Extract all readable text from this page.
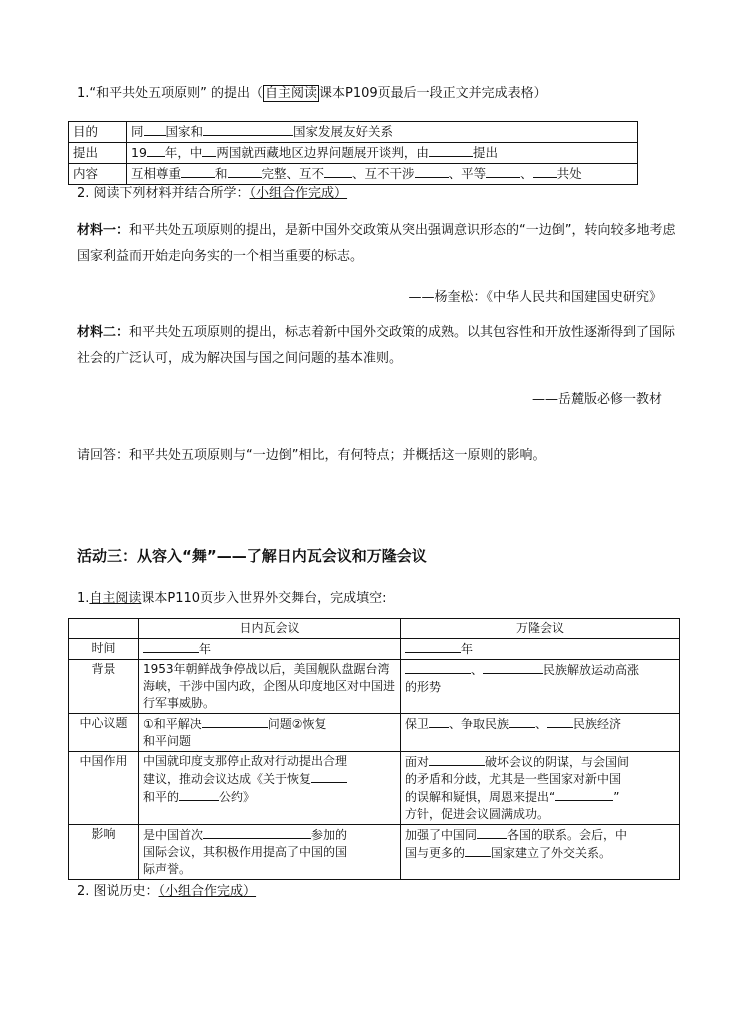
1.“和平共处五项原则” 的提出（ 自主阅读 课本P109页最后一段正文并完成表格）
目的	同 国家和 国家发展友好关系
提出	19 年，中 两国就西藏地区边界问题展开谈判，由 提出
内容	互相尊重 和 完整、互不 、互不干涉 、平等 、 共处
2. 阅读下列材料并结合所学：（小组合作完成）
材料一：和平共处五项原则的提出，是新中国外交政策从突出强调意识形态的“一边倒”，转向较多地考虑国家利益而开始走向务实的一个相当重要的标志。
——杨奎松：《中华人民共和国建国史研究》
材料二：和平共处五项原则的提出，标志着新中国外交政策的成熟。以其包容性和开放性逐渐得到了国际社会的广泛认可，成为解决国与国之间问题的基本准则。
——岳麓版必修一教材
请回答：和平共处五项原则与“一边倒”相比，有何特点；并概括这一原则的影响。
活动三：从容入“舞”——了解日内瓦会议和万隆会议
1.自主阅读课本P110页步入世界外交舞台，完成填空:
	日内瓦会议	万隆会议
时间	年	年
背景	1953年朝鲜战争停战以后，美国舰队盘踞台湾海峡，干涉中国内政，企图从印度地区对中国进行军事威胁。	、 民族解放运动高涨
的形势
中心议题	①和平解决 问题②恢复
和平问题	保卫 、争取民族 、 民族经济
中国作用	中国就印度支那停止敌对行动提出合理
建议，推动会议达成《关于恢复
和平的 公约》	面对 破坏会议的阴谋，与会国间
的矛盾和分歧，尤其是一些国家对新中国
的误解和疑惧，周恩来提出“ ”
方针，促进会议圆满成功。
影响	是中国首次 参加的
国际会议，其积极作用提高了中国的国
际声誉。	加强了中国同 各国的联系。会后，中
国与更多的 国家建立了外交关系。
2. 图说历史：（小组合作完成）
